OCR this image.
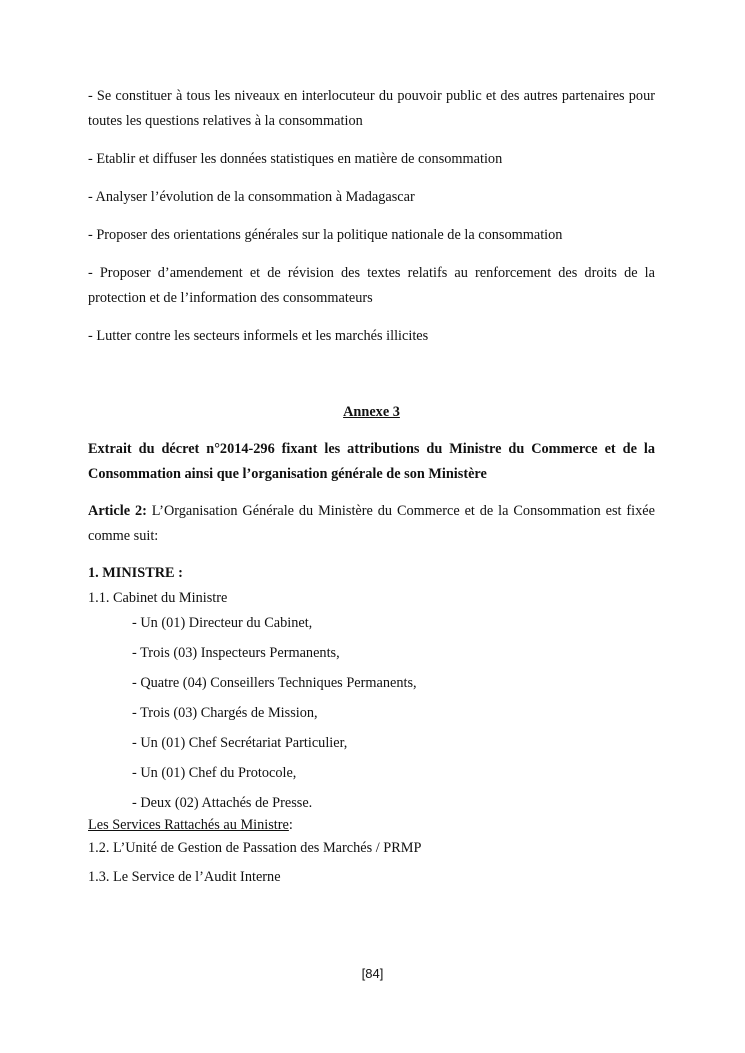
- Se constituer à tous les niveaux en interlocuteur du pouvoir public et des autres partenaires pour toutes les questions relatives à la consommation

- Etablir et diffuser les données statistiques en matière de consommation

- Analyser l’évolution de la consommation à Madagascar

- Proposer des orientations générales sur la politique nationale de la consommation

- Proposer d’amendement et de révision des textes relatifs au renforcement des droits de la protection et de l’information des consommateurs

- Lutter contre les secteurs informels et les marchés illicites

Annexe 3

Extrait du décret n°2014-296 fixant les attributions du Ministre du Commerce et de la Consommation ainsi que l’organisation générale de son Ministère

Article 2: L’Organisation Générale du Ministère du Commerce et de la Consommation est fixée comme suit:

1. MINISTRE :

1.1. Cabinet du Ministre

- Un (01) Directeur du Cabinet,
- Trois (03) Inspecteurs Permanents,
- Quatre (04) Conseillers Techniques Permanents,
- Trois (03) Chargés de Mission,
- Un (01) Chef Secrétariat Particulier,
- Un (01) Chef du Protocole,
- Deux (02) Attachés de Presse.

Les Services Rattachés au Ministre:

1.2. L’Unité de Gestion de Passation des Marchés / PRMP

1.3. Le Service de l’Audit Interne

[84]
